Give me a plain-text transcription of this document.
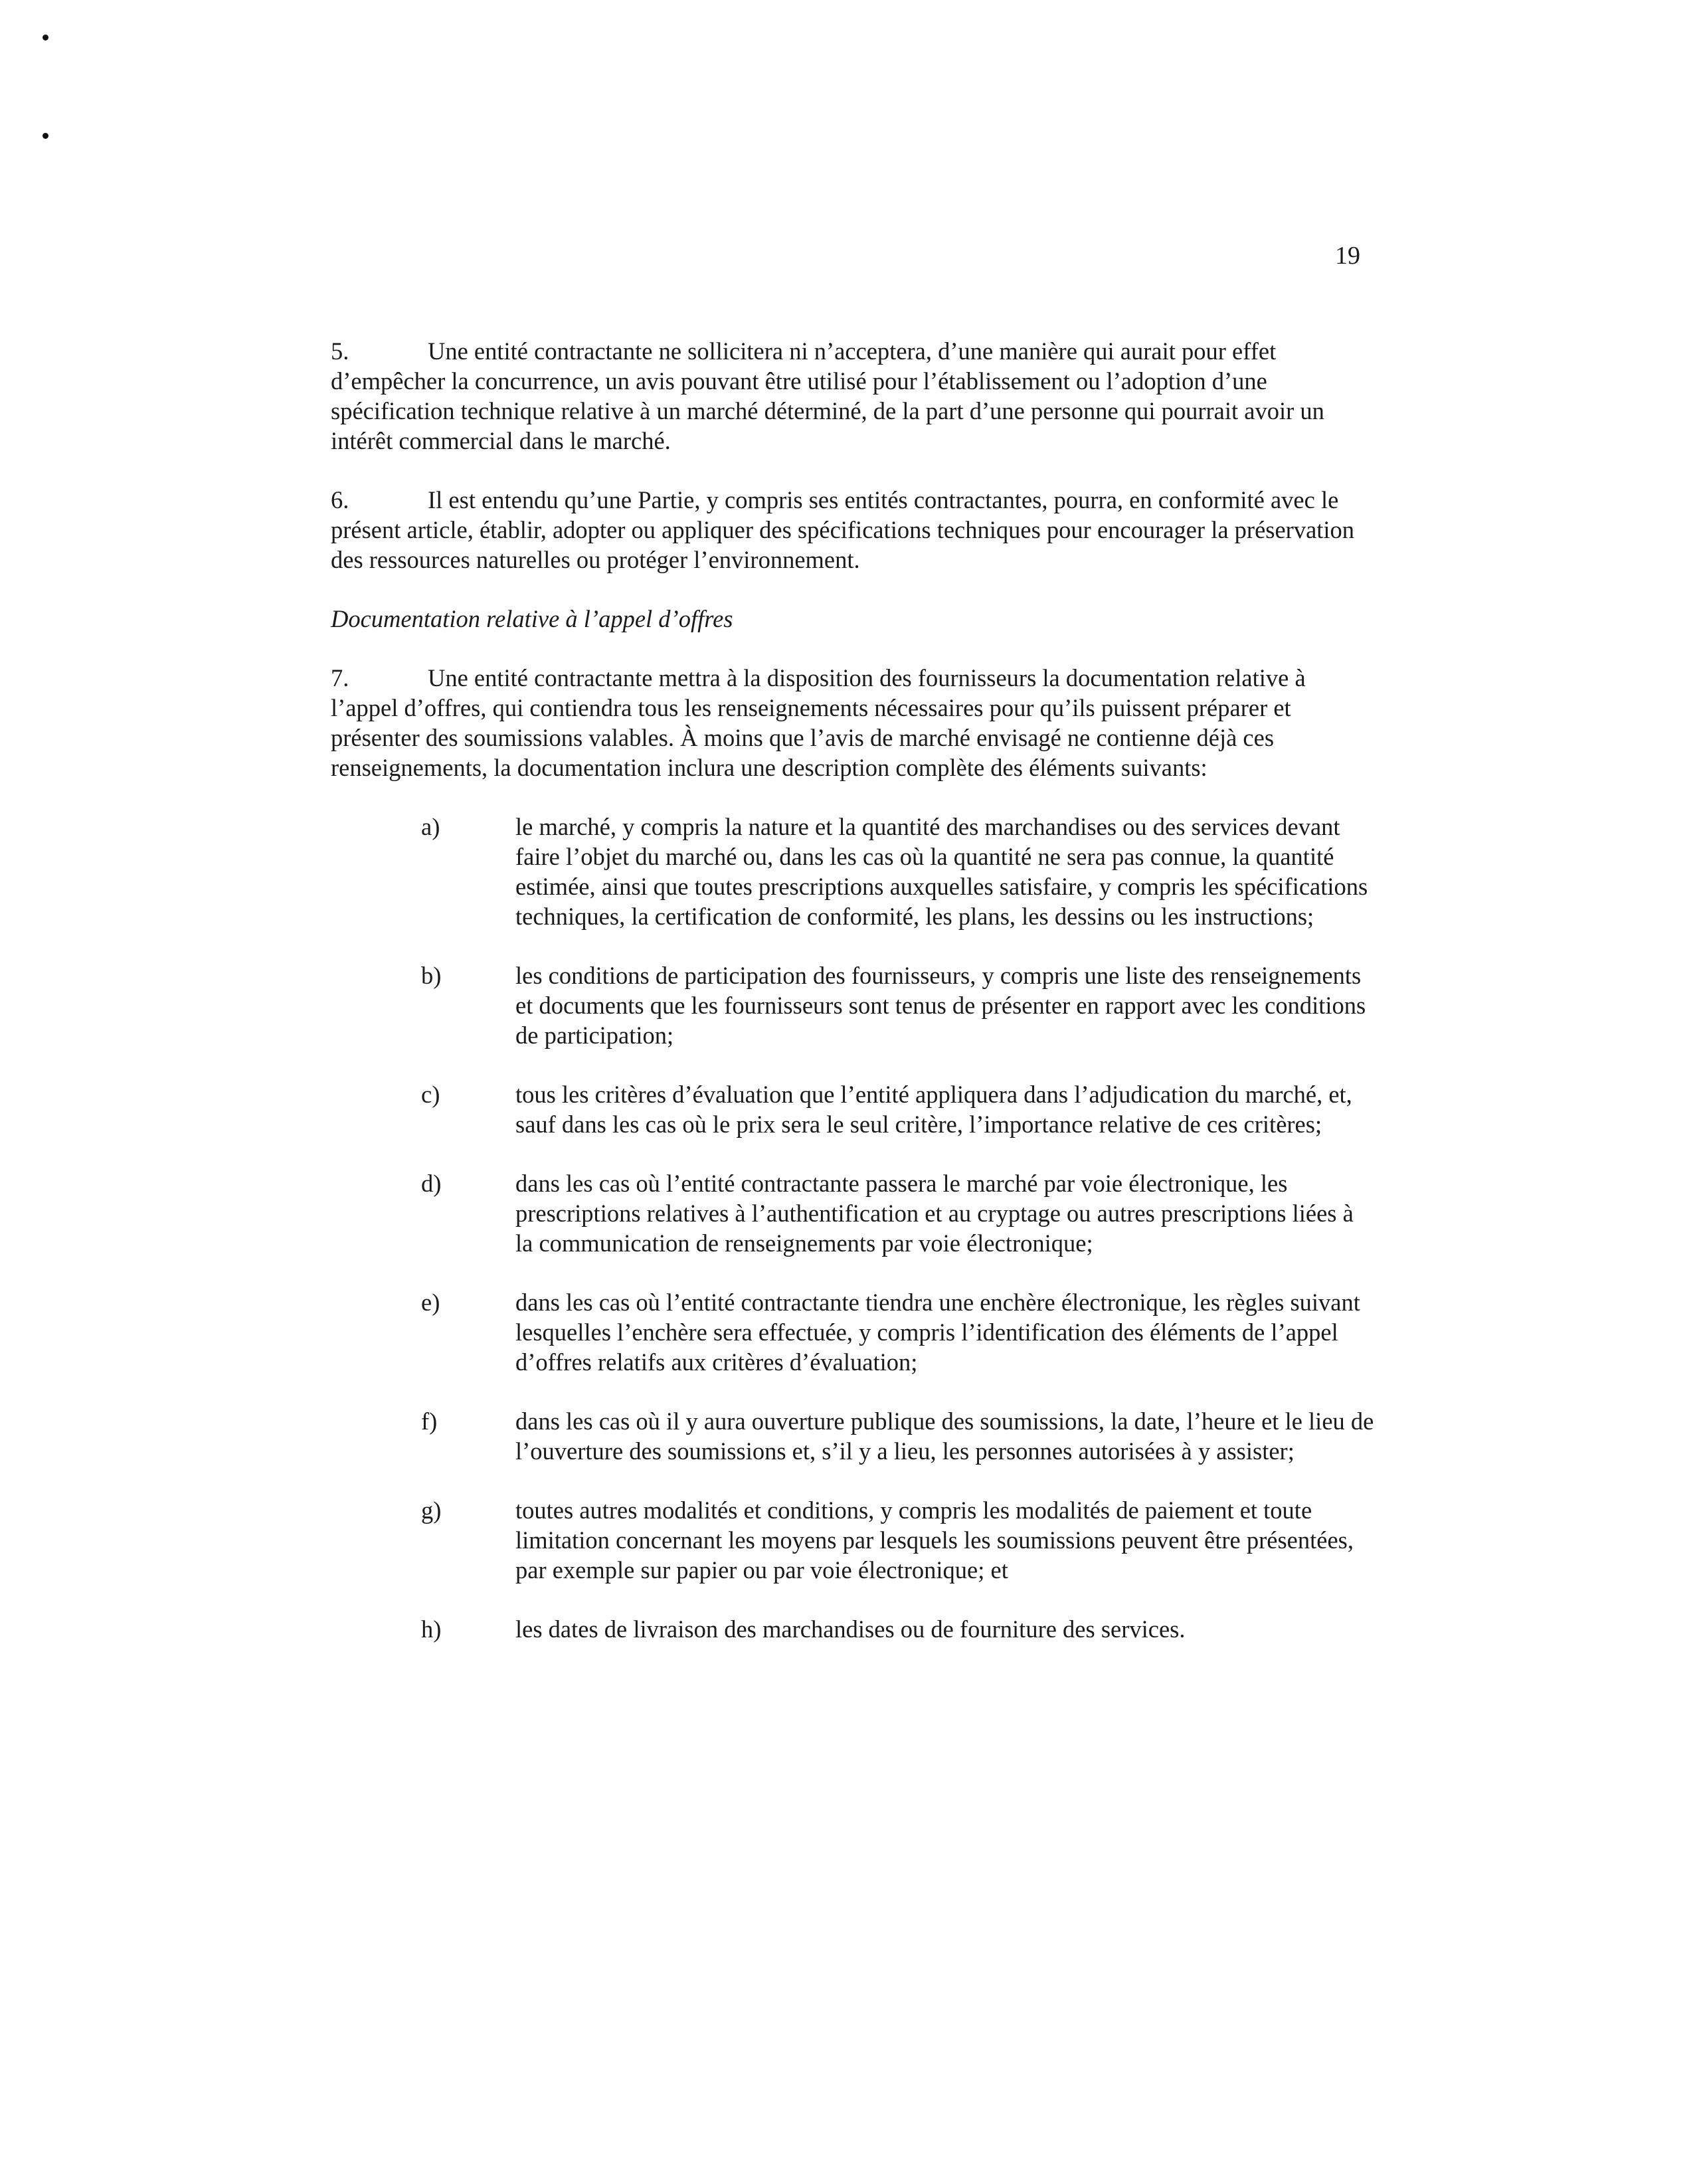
19

5.	Une entité contractante ne sollicitera ni n’acceptera, d’une manière qui aurait pour effet d’empêcher la concurrence, un avis pouvant être utilisé pour l’établissement ou l’adoption d’une spécification technique relative à un marché déterminé, de la part d’une personne qui pourrait avoir un intérêt commercial dans le marché.

6.	Il est entendu qu’une Partie, y compris ses entités contractantes, pourra, en conformité avec le présent article, établir, adopter ou appliquer des spécifications techniques pour encourager la préservation des ressources naturelles ou protéger l’environnement.

Documentation relative à l’appel d’offres

7.	Une entité contractante mettra à la disposition des fournisseurs la documentation relative à l’appel d’offres, qui contiendra tous les renseignements nécessaires pour qu’ils puissent préparer et présenter des soumissions valables. À moins que l’avis de marché envisagé ne contienne déjà ces renseignements, la documentation inclura une description complète des éléments suivants:

a)	le marché, y compris la nature et la quantité des marchandises ou des services devant faire l’objet du marché ou, dans les cas où la quantité ne sera pas connue, la quantité estimée, ainsi que toutes prescriptions auxquelles satisfaire, y compris les spécifications techniques, la certification de conformité, les plans, les dessins ou les instructions;
b)	les conditions de participation des fournisseurs, y compris une liste des renseignements et documents que les fournisseurs sont tenus de présenter en rapport avec les conditions de participation;
c)	tous les critères d’évaluation que l’entité appliquera dans l’adjudication du marché, et, sauf dans les cas où le prix sera le seul critère, l’importance relative de ces critères;
d)	dans les cas où l’entité contractante passera le marché par voie électronique, les prescriptions relatives à l’authentification et au cryptage ou autres prescriptions liées à la communication de renseignements par voie électronique;
e)	dans les cas où l’entité contractante tiendra une enchère électronique, les règles suivant lesquelles l’enchère sera effectuée, y compris l’identification des éléments de l’appel d’offres relatifs aux critères d’évaluation;
f)	dans les cas où il y aura ouverture publique des soumissions, la date, l’heure et le lieu de l’ouverture des soumissions et, s’il y a lieu, les personnes autorisées à y assister;
g)	toutes autres modalités et conditions, y compris les modalités de paiement et toute limitation concernant les moyens par lesquels les soumissions peuvent être présentées, par exemple sur papier ou par voie électronique; et
h)	les dates de livraison des marchandises ou de fourniture des services.
